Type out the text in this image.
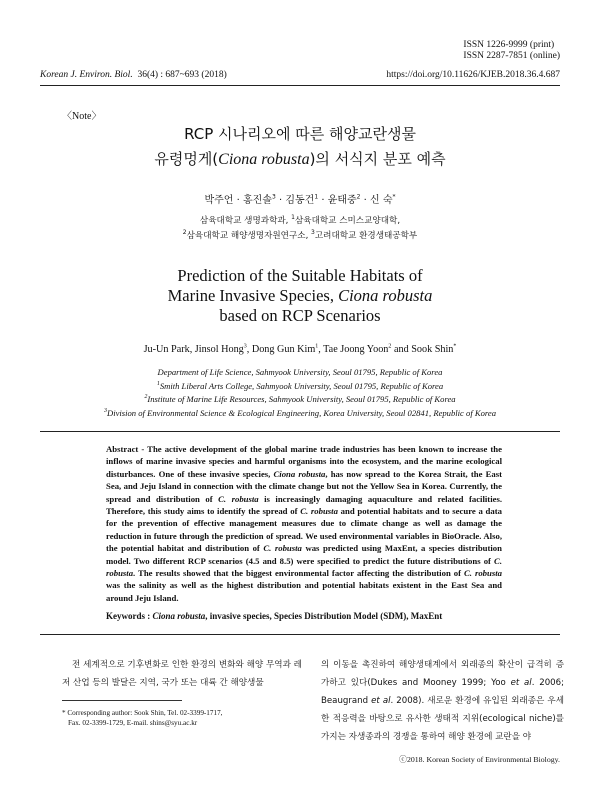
ISSN 1226-9999 (print)
ISSN 2287-7851 (online)
Korean J. Environ. Biol. 36(4) : 687~693 (2018)	https://doi.org/10.11626/KJEB.2018.36.4.687
〈Note〉
RCP 시나리오에 따른 해양교란생물
유령멍게(Ciona robusta)의 서식지 분포 예측
박주언 · 홍진솔$^3$ · 김동건$^1$ · 윤태중$^2$ · 신 숙*
삼육대학교 생명과학과, $^1$삼육대학교 스미스교양대학,
$^2$삼육대학교 해양생명자원연구소, $^3$고려대학교 환경생태공학부
Prediction of the Suitable Habitats of
Marine Invasive Species, Ciona robusta
based on RCP Scenarios
Ju-Un Park, Jinsol Hong$^3$, Dong Gun Kim$^1$, Tae Joong Yoon$^2$ and Sook Shin*
Department of Life Science, Sahmyook University, Seoul 01795, Republic of Korea
$^1$Smith Liberal Arts College, Sahmyook University, Seoul 01795, Republic of Korea
$^2$Institute of Marine Life Resources, Sahmyook University, Seoul 01795, Republic of Korea
$^3$Division of Environmental Science & Ecological Engineering, Korea University, Seoul 02841, Republic of Korea
Abstract - The active development of the global marine trade industries has been known to increase the inflows of marine invasive species and harmful organisms into the ecosystem, and the marine ecological disturbances. One of these invasive species, Ciona robusta, has now spread to the Korea Strait, the East Sea, and Jeju Island in connection with the climate change but not the Yellow Sea in Korea. Currently, the spread and distribution of C. robusta is increasingly damaging aquaculture and related facilities. Therefore, this study aims to identify the spread of C. robusta and potential habitats and to secure a data for the prevention of effective management measures due to climate change as well as damage the reduction in future through the prediction of spread. We used environmental variables in BioOracle. Also, the potential habitat and distribution of C. robusta was predicted using MaxEnt, a species distribution model. Two different RCP scenarios (4.5 and 8.5) were specified to predict the future distributions of C. robusta. The results showed that the biggest environmental factor affecting the distribution of C. robusta was the salinity as well as the highest distribution and potential habitats existent in the East Sea and around Jeju Island.
Keywords : Ciona robusta, invasive species, Species Distribution Model (SDM), MaxEnt
전 세계적으로 기후변화로 인한 환경의 변화와 해양 무역과 레저 산업 등의 발달은 지역, 국가 또는 대륙 간 해양생물
의 이동을 촉진하여 해양생태계에서 외래종의 확산이 급격히 증가하고 있다(Dukes and Mooney 1999; Yoo et al. 2006; Beaugrand et al. 2008). 새로운 환경에 유입된 외래종은 우세한 적응력을 바탕으로 유사한 생태적 지위(ecological niche)를 가지는 자생종과의 경쟁을 통하여 해양 환경에 교란을 야
* Corresponding author: Sook Shin, Tel. 02-3399-1717,
Fax. 02-3399-1729, E-mail. shins@syu.ac.kr
ⓒ2018. Korean Society of Environmental Biology.
